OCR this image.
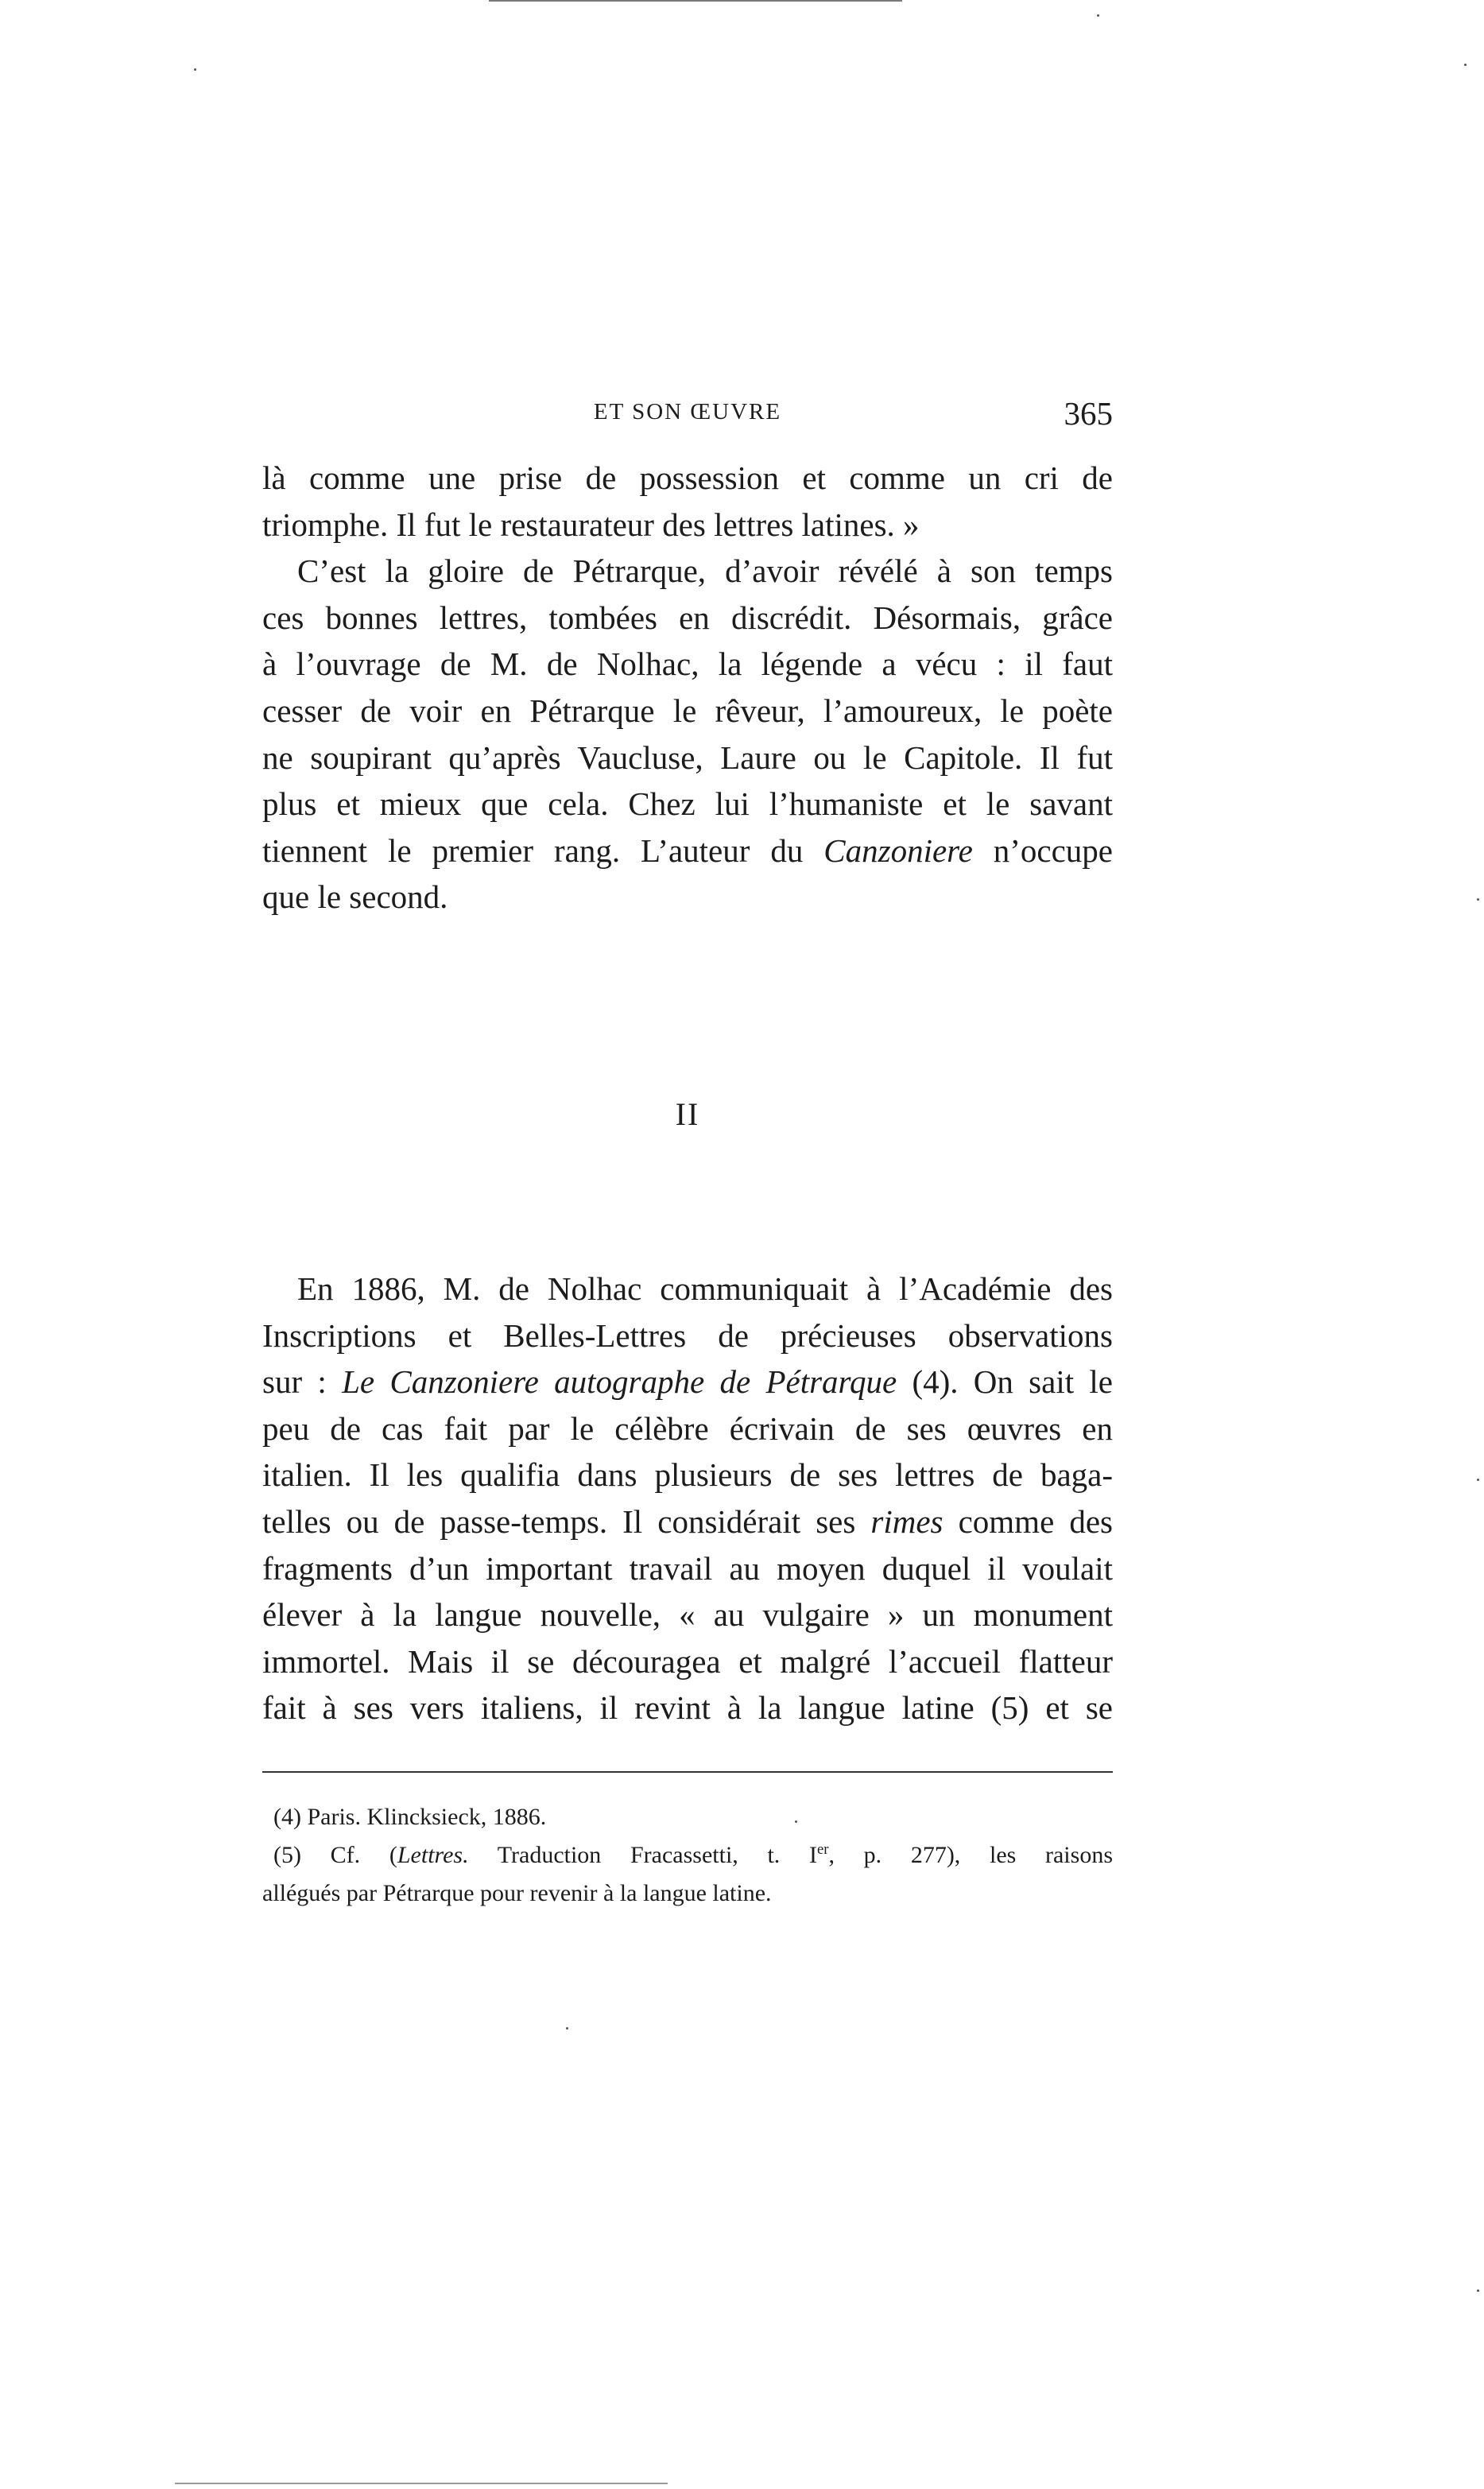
ET SON ŒUVRE	365
là comme une prise de possession et comme un cri de
triomphe. Il fut le restaurateur des lettres latines. »
C’est la gloire de Pétrarque, d’avoir révélé à son temps
ces bonnes lettres, tombées en discrédit. Désormais, grâce
à l’ouvrage de M. de Nolhac, la légende a vécu : il faut
cesser de voir en Pétrarque le rêveur, l’amoureux, le poète
ne soupirant qu’après Vaucluse, Laure ou le Capitole. Il fut
plus et mieux que cela. Chez lui l’humaniste et le savant
tiennent le premier rang. L’auteur du Canzoniere n’occupe
que le second.
II
En 1886, M. de Nolhac communiquait à l’Académie des
Inscriptions et Belles-Lettres de précieuses observations
sur : Le Canzoniere autographe de Pétrarque (4). On sait le
peu de cas fait par le célèbre écrivain de ses œuvres en
italien. Il les qualifia dans plusieurs de ses lettres de baga-
telles ou de passe-temps. Il considérait ses rimes comme des
fragments d’un important travail au moyen duquel il voulait
élever à la langue nouvelle, « au vulgaire » un monument
immortel. Mais il se découragea et malgré l’accueil flatteur
fait à ses vers italiens, il revint à la langue latine (5) et se
(4) Paris. Klincksieck, 1886.
(5) Cf. (Lettres. Traduction Fracassetti, t. Ier, p. 277), les raisons
allégués par Pétrarque pour revenir à la langue latine.
